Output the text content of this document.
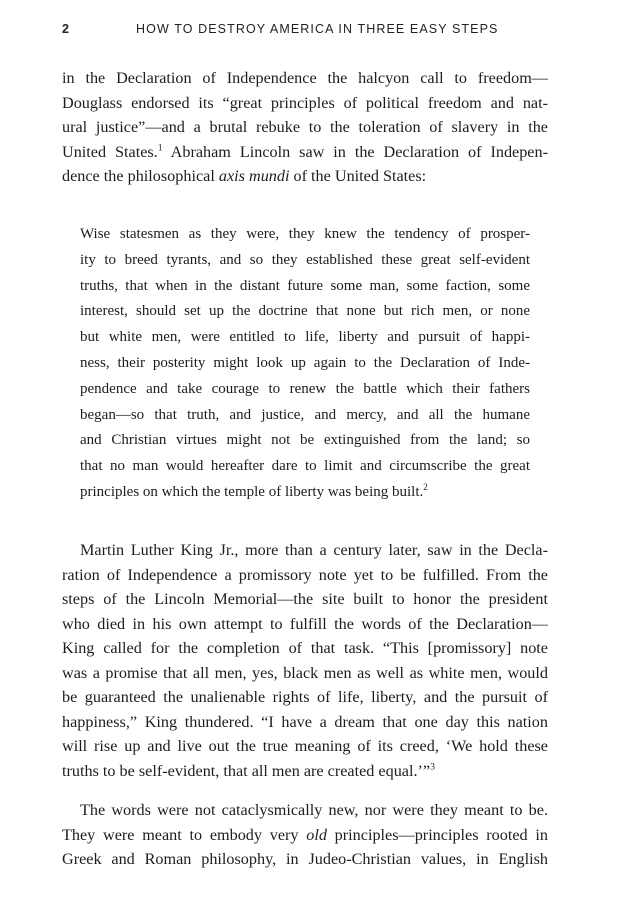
2	HOW TO DESTROY AMERICA IN THREE EASY STEPS
in the Declaration of Independence the halcyon call to freedom—
Douglass endorsed its “great principles of political freedom and nat-
ural justice”—and a brutal rebuke to the toleration of slavery in the
United States.$^1$ Abraham Lincoln saw in the Declaration of Indepen-
dence the philosophical axis mundi of the United States:
Wise statesmen as they were, they knew the tendency of prosper-
ity to breed tyrants, and so they established these great self-evident
truths, that when in the distant future some man, some faction, some
interest, should set up the doctrine that none but rich men, or none
but white men, were entitled to life, liberty and pursuit of happi-
ness, their posterity might look up again to the Declaration of Inde-
pendence and take courage to renew the battle which their fathers
began—so that truth, and justice, and mercy, and all the humane
and Christian virtues might not be extinguished from the land; so
that no man would hereafter dare to limit and circumscribe the great
principles on which the temple of liberty was being built.$^2$
Martin Luther King Jr., more than a century later, saw in the Decla-
ration of Independence a promissory note yet to be fulfilled. From the
steps of the Lincoln Memorial—the site built to honor the president
who died in his own attempt to fulfill the words of the Declaration—
King called for the completion of that task. “This [promissory] note
was a promise that all men, yes, black men as well as white men, would
be guaranteed the unalienable rights of life, liberty, and the pursuit of
happiness,” King thundered. “I have a dream that one day this nation
will rise up and live out the true meaning of its creed, ‘We hold these
truths to be self-evident, that all men are created equal.’”$^3$
The words were not cataclysmically new, nor were they meant to be.
They were meant to embody very old principles—principles rooted in
Greek and Roman philosophy, in Judeo-Christian values, in English
